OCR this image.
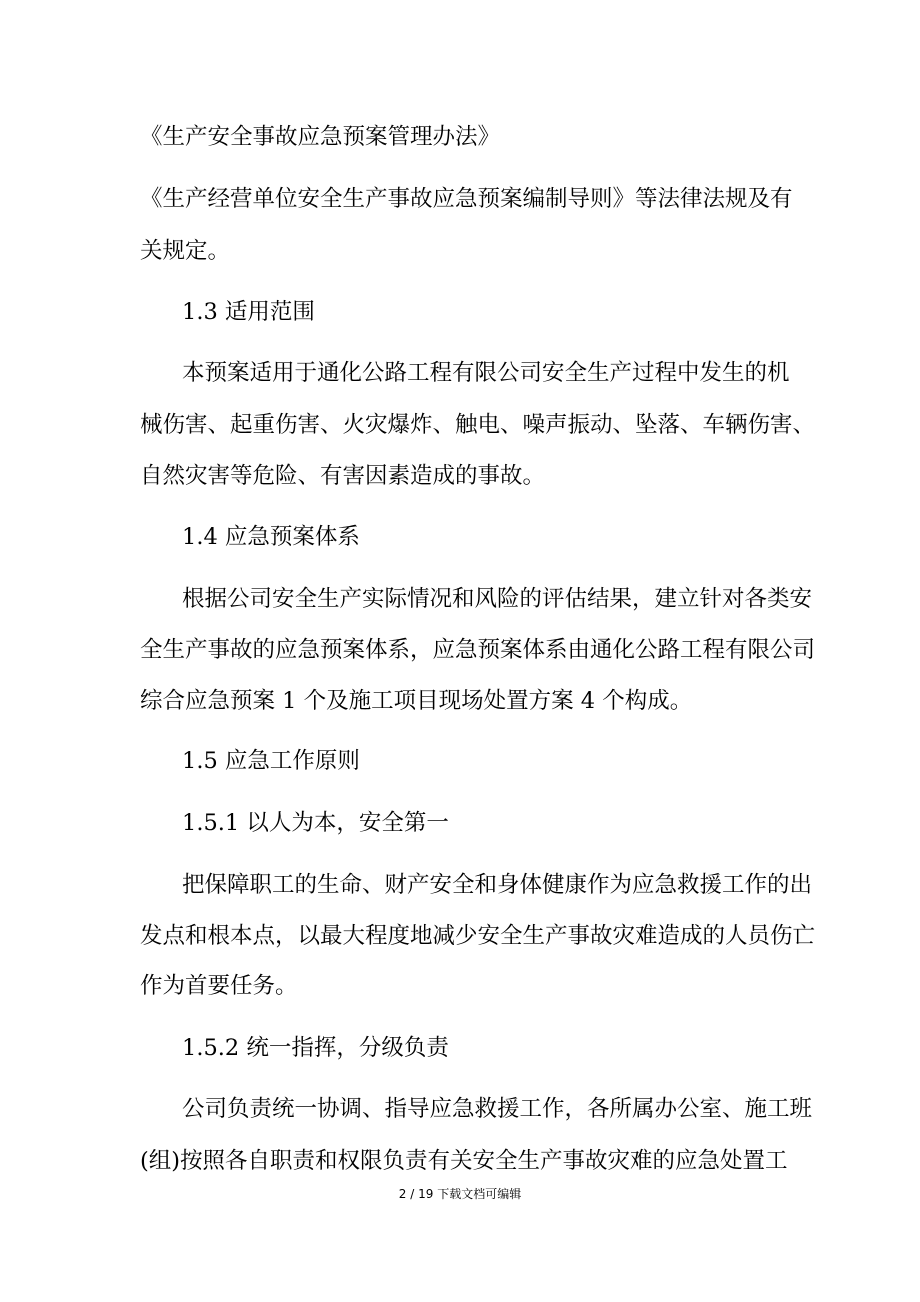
《生产安全事故应急预案管理办法》
《生产经营单位安全生产事故应急预案编制导则》等法律法规及有
关规定。
1.3 适用范围
本预案适用于通化公路工程有限公司安全生产过程中发生的机
械伤害、起重伤害、火灾爆炸、触电、噪声振动、坠落、车辆伤害、
自然灾害等危险、有害因素造成的事故。
1.4 应急预案体系
根据公司安全生产实际情况和风险的评估结果，建立针对各类安
全生产事故的应急预案体系，应急预案体系由通化公路工程有限公司
综合应急预案 1 个及施工项目现场处置方案 4 个构成。
1.5 应急工作原则
1.5.1 以人为本，安全第一
把保障职工的生命、财产安全和身体健康作为应急救援工作的出
发点和根本点，以最大程度地减少安全生产事故灾难造成的人员伤亡
作为首要任务。
1.5.2 统一指挥，分级负责
公司负责统一协调、指导应急救援工作，各所属办公室、施工班
(组)按照各自职责和权限负责有关安全生产事故灾难的应急处置工
2 / 19 下载文档可编辑
